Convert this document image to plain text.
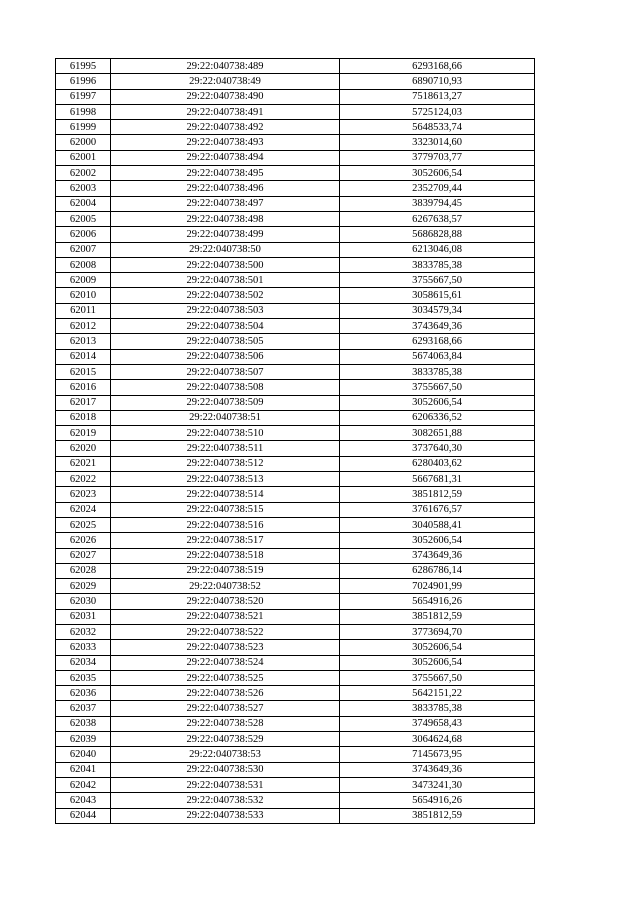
61995	29:22:040738:489	6293168,66
61996	29:22:040738:49	6890710,93
61997	29:22:040738:490	7518613,27
61998	29:22:040738:491	5725124,03
61999	29:22:040738:492	5648533,74
62000	29:22:040738:493	3323014,60
62001	29:22:040738:494	3779703,77
62002	29:22:040738:495	3052606,54
62003	29:22:040738:496	2352709,44
62004	29:22:040738:497	3839794,45
62005	29:22:040738:498	6267638,57
62006	29:22:040738:499	5686828,88
62007	29:22:040738:50	6213046,08
62008	29:22:040738:500	3833785,38
62009	29:22:040738:501	3755667,50
62010	29:22:040738:502	3058615,61
62011	29:22:040738:503	3034579,34
62012	29:22:040738:504	3743649,36
62013	29:22:040738:505	6293168,66
62014	29:22:040738:506	5674063,84
62015	29:22:040738:507	3833785,38
62016	29:22:040738:508	3755667,50
62017	29:22:040738:509	3052606,54
62018	29:22:040738:51	6206336,52
62019	29:22:040738:510	3082651,88
62020	29:22:040738:511	3737640,30
62021	29:22:040738:512	6280403,62
62022	29:22:040738:513	5667681,31
62023	29:22:040738:514	3851812,59
62024	29:22:040738:515	3761676,57
62025	29:22:040738:516	3040588,41
62026	29:22:040738:517	3052606,54
62027	29:22:040738:518	3743649,36
62028	29:22:040738:519	6286786,14
62029	29:22:040738:52	7024901,99
62030	29:22:040738:520	5654916,26
62031	29:22:040738:521	3851812,59
62032	29:22:040738:522	3773694,70
62033	29:22:040738:523	3052606,54
62034	29:22:040738:524	3052606,54
62035	29:22:040738:525	3755667,50
62036	29:22:040738:526	5642151,22
62037	29:22:040738:527	3833785,38
62038	29:22:040738:528	3749658,43
62039	29:22:040738:529	3064624,68
62040	29:22:040738:53	7145673,95
62041	29:22:040738:530	3743649,36
62042	29:22:040738:531	3473241,30
62043	29:22:040738:532	5654916,26
62044	29:22:040738:533	3851812,59
